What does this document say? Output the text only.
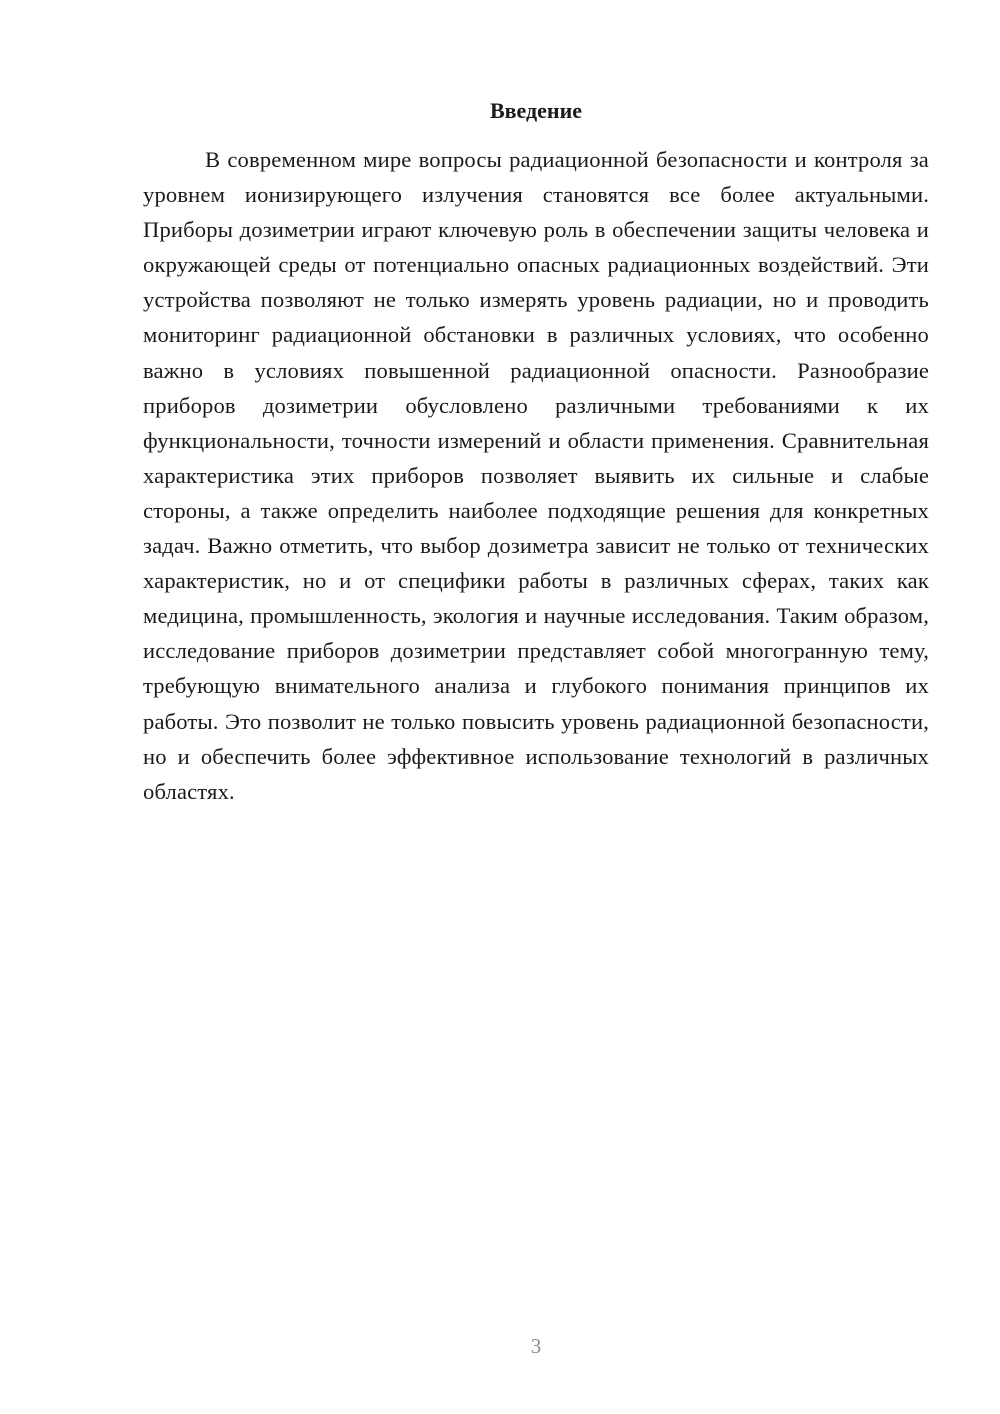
Введение

В современном мире вопросы радиационной безопасности и контроля за уровнем ионизирующего излучения становятся все более актуальными. Приборы дозиметрии играют ключевую роль в обеспечении защиты человека и окружающей среды от потенциально опасных радиационных воздействий. Эти устройства позволяют не только измерять уровень радиации, но и проводить мониторинг радиационной обстановки в различных условиях, что особенно важно в условиях повышенной радиационной опасности. Разнообразие приборов дозиметрии обусловлено различными требованиями к их функциональности, точности измерений и области применения. Сравнительная характеристика этих приборов позволяет выявить их сильные и слабые стороны, а также определить наиболее подходящие решения для конкретных задач. Важно отметить, что выбор дозиметра зависит не только от технических характеристик, но и от специфики работы в различных сферах, таких как медицина, промышленность, экология и научные исследования. Таким образом, исследование приборов дозиметрии представляет собой многогранную тему, требующую внимательного анализа и глубокого понимания принципов их работы. Это позволит не только повысить уровень радиационной безопасности, но и обеспечить более эффективное использование технологий в различных областях.

3
